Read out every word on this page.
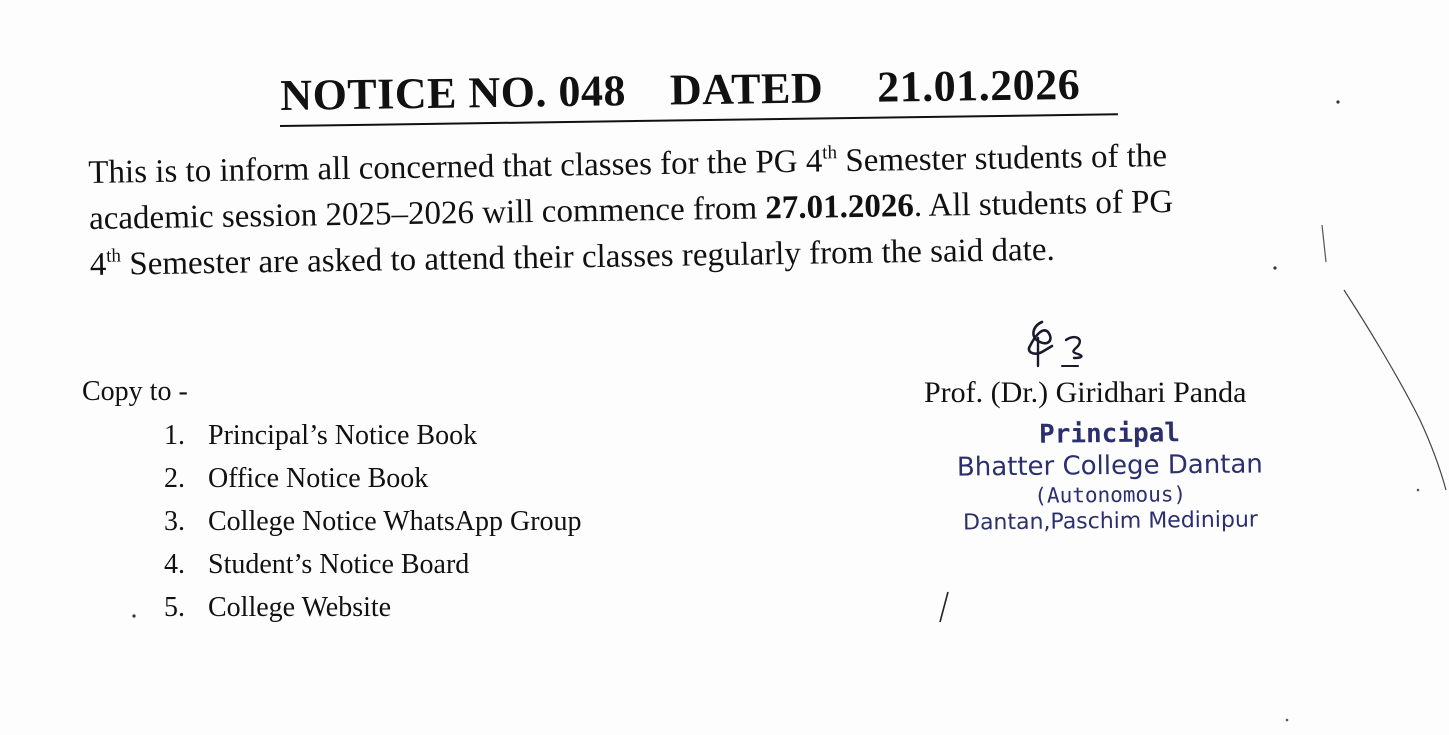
NOTICE NO. 048 DATED 21.01.2026
This is to inform all concerned that classes for the PG 4th Semester students of the
academic session 2025–2026 will commence from 27.01.2026. All students of PG
4th Semester are asked to attend their classes regularly from the said date.
Copy to -
1. Principal’s Notice Book
2. Office Notice Book
3. College Notice WhatsApp Group
4. Student’s Notice Board
5. College Website
Prof. (Dr.) Giridhari Panda
Principal
Bhatter College Dantan
(Autonomous)
Dantan,Paschim Medinipur
